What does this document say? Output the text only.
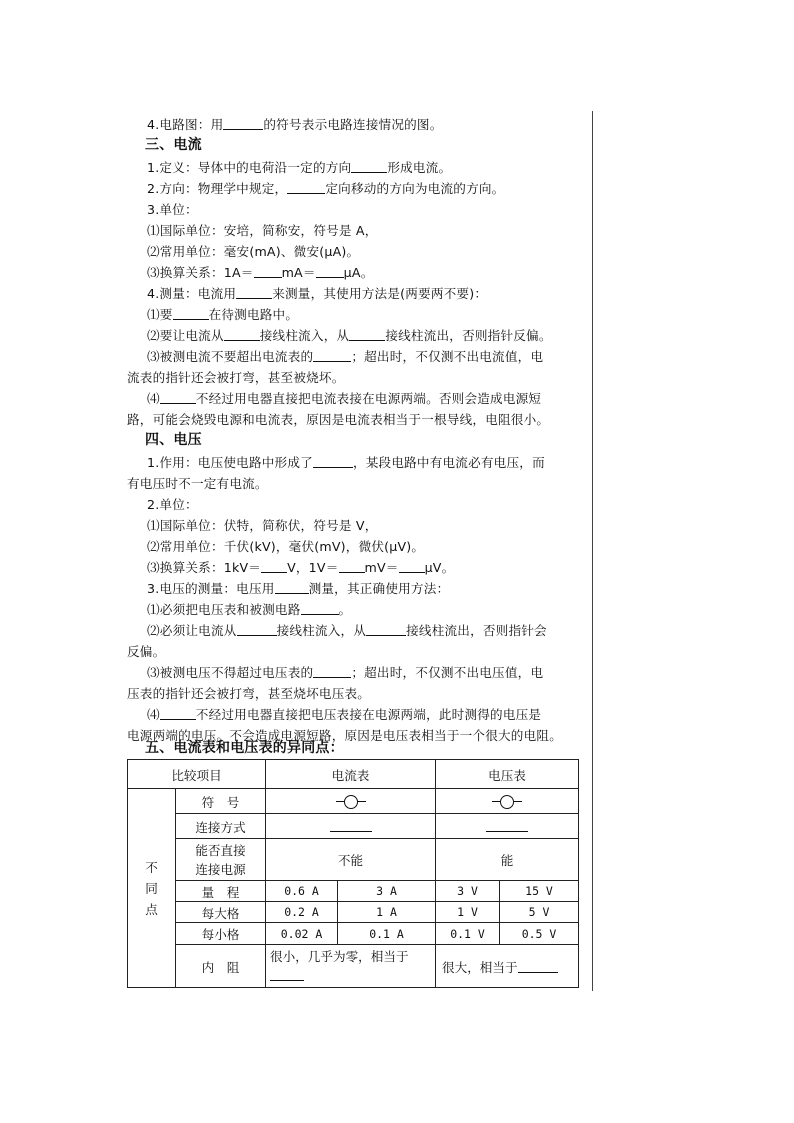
4.电路图：用	的符号表示电路连接情况的图。
三、电流
1.定义：导体中的电荷沿一定的方向	形成电流。
2.方向：物理学中规定，	定向移动的方向为电流的方向。
3.单位：
⑴国际单位：安培，简称安，符号是 A，
⑵常用单位：毫安(mA)、微安(μA)。
⑶换算关系：1A＝ mA＝ μA。
4.测量：电流用	来测量，其使用方法是(两要两不要)：
⑴要	在待测电路中。
⑵要让电流从	接线柱流入，从	接线柱流出，否则指针反偏。
⑶被测电流不要超出电流表的	；超出时，不仅测不出电流值，电
流表的指针还会被打弯，甚至被烧坏。
⑷	不经过用电器直接把电流表接在电源两端。否则会造成电源短
路，可能会烧毁电源和电流表，原因是电流表相当于一根导线，电阻很小。
四、电压
1.作用：电压使电路中形成了	，某段电路中有电流必有电压，而
有电压时不一定有电流。
2.单位：
⑴国际单位：伏特，简称伏，符号是 V，
⑵常用单位：千伏(kV)，毫伏(mV)，微伏(μV)。
⑶换算关系：1kV＝ V，1V＝ mV＝ μV。
3.电压的测量：电压用	测量，其正确使用方法：
⑴必须把电压表和被测电路	。
⑵必须让电流从	接线柱流入，从	接线柱流出，否则指针会
反偏。
⑶被测电压不得超过电压表的	；超出时，不仅测不出电压值，电
压表的指针还会被打弯，甚至烧坏电压表。
⑷	不经过用电器直接把电压表接在电源两端，此时测得的电压是
电源两端的电压。不会造成电源短路，原因是电压表相当于一个很大的电阻。
五、电流表和电压表的异同点：
比较项目		电流表		电压表	

不
同
点	符　号			

	连接方式				

	能否直接
连接电源	不能		能	
	量　程	0.6 A	3 A	3 V	15 V
	每大格	0.2 A	1 A	1 V	5 V
	每小格	0.02 A	0.1 A	0.1 V	0.5 V
	内　阻	很小，几乎为零，相当于		很大，相当于	
